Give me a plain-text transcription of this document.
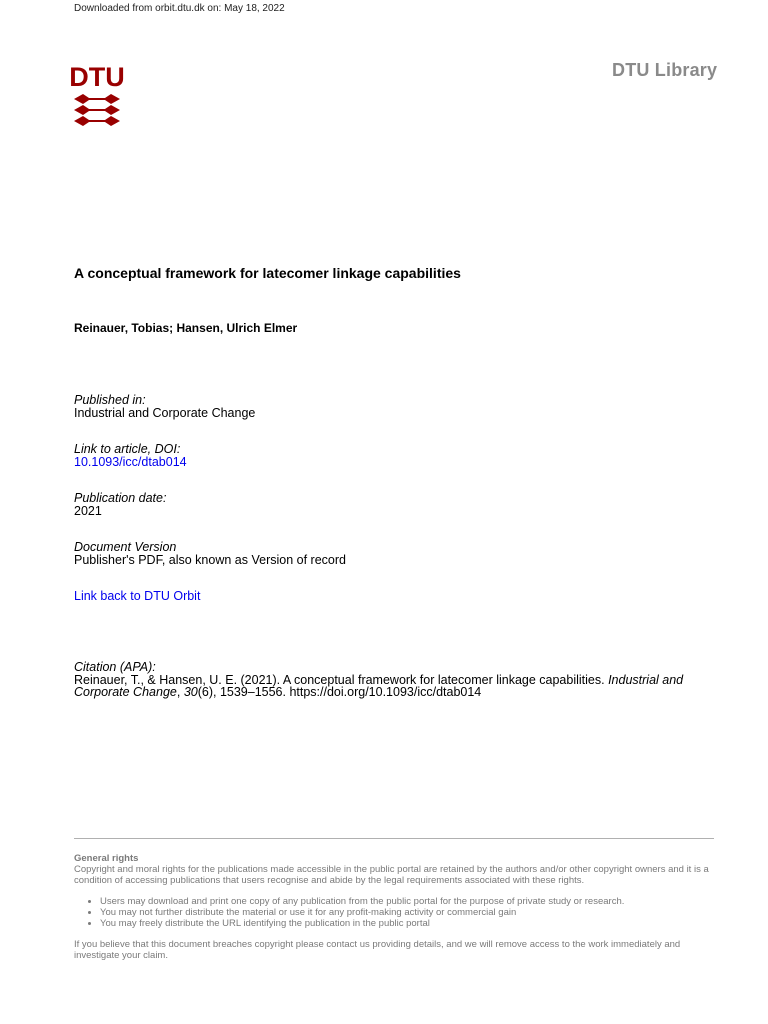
Downloaded from orbit.dtu.dk on: May 18, 2022
DTU	DTU Library
A conceptual framework for latecomer linkage capabilities
Reinauer, Tobias; Hansen, Ulrich Elmer
Published in:
Industrial and Corporate Change
Link to article, DOI:
10.1093/icc/dtab014
Publication date:
2021
Document Version
Publisher's PDF, also known as Version of record
Link back to DTU Orbit
Citation (APA):
Reinauer, T., & Hansen, U. E. (2021). A conceptual framework for latecomer linkage capabilities. Industrial and Corporate Change, 30(6), 1539–1556. https://doi.org/10.1093/icc/dtab014
General rights
Copyright and moral rights for the publications made accessible in the public portal are retained by the authors and/or other copyright owners and it is a condition of accessing publications that users recognise and abide by the legal requirements associated with these rights.
• Users may download and print one copy of any publication from the public portal for the purpose of private study or research.
• You may not further distribute the material or use it for any profit-making activity or commercial gain
• You may freely distribute the URL identifying the publication in the public portal
If you believe that this document breaches copyright please contact us providing details, and we will remove access to the work immediately and investigate your claim.
